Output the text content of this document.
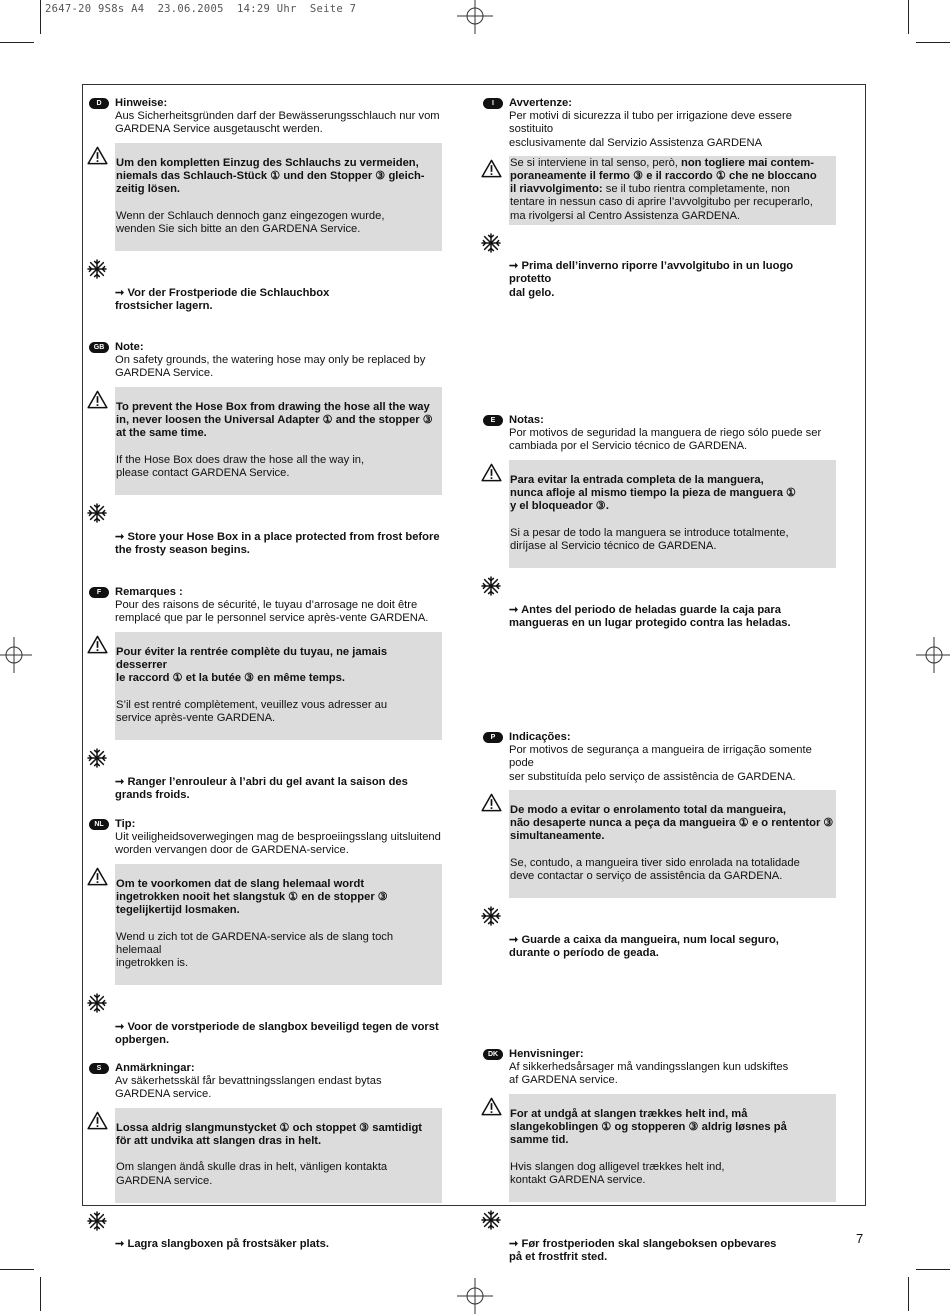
2647-20 9S8s A4  23.06.2005  14:29 Uhr  Seite 7
D	Hinweise:
Aus Sicherheitsgründen darf der Bewässerungsschlauch nur vom
GARDENA Service ausgetauscht werden.

Um den kompletten Einzug des Schlauchs zu vermeiden,
niemals das Schlauch-Stück ① und den Stopper ③ gleich-
zeitig lösen.

Wenn der Schlauch dennoch ganz eingezogen wurde,
wenden Sie sich bitte an den GARDENA Service.

➞ Vor der Frostperiode die Schlauchbox
frostsicher lagern.

GB Note:
On safety grounds, the watering hose may only be replaced by
GARDENA Service.

To prevent the Hose Box from drawing the hose all the way
in, never loosen the Universal Adapter ① and the stopper ③
at the same time.

If the Hose Box does draw the hose all the way in,
please contact GARDENA Service.

➞ Store your Hose Box in a place protected from frost before
the frosty season begins.

F	Remarques :
Pour des raisons de sécurité, le tuyau d’arrosage ne doit être
remplacé que par le personnel service après-vente GARDENA.

Pour éviter la rentrée complète du tuyau, ne jamais desserrer
le raccord ① et la butée ③ en même temps.

S’il est rentré complètement, veuillez vous adresser au
service après-vente GARDENA.

➞ Ranger l’enrouleur à l’abri du gel avant la saison des
grands froids.

NL	Tip:
Uit veiligheidsoverwegingen mag de besproeiingsslang uitsluitend
worden vervangen door de GARDENA-service.

Om te voorkomen dat de slang helemaal wordt
ingetrokken nooit het slangstuk ① en de stopper ③
tegelijkertijd losmaken.

Wend u zich tot de GARDENA-service als de slang toch helemaal
ingetrokken is.

➞ Voor de vorstperiode de slangbox beveiligd tegen de vorst
opbergen.

S	Anmärkningar:
Av säkerhetsskäl får bevattningsslangen endast bytas
GARDENA service.

Lossa aldrig slangmunstycket ① och stoppet ③ samtidigt
för att undvika att slangen dras in helt.

Om slangen ändå skulle dras in helt, vänligen kontakta
GARDENA service.

➞ Lagra slangboxen på frostsäker plats.

I	Avvertenze:
Per motivi di sicurezza il tubo per irrigazione deve essere sostituito
esclusivamente dal Servizio Assistenza GARDENA
Se si interviene in tal senso, però, non togliere mai contem-
poraneamente il fermo ③ e il raccordo ① che ne bloccano
il riavvolgimento: se il tubo rientra completamente, non
tentare in nessun caso di aprire l’avvolgitubo per recuperarlo,
ma rivolgersi al Centro Assistenza GARDENA.

➞ Prima dell’inverno riporre l’avvolgitubo in un luogo protetto
dal gelo.

E	Notas:
Por motivos de seguridad la manguera de riego sólo puede ser
cambiada por el Servicio técnico de GARDENA.

Para evitar la entrada completa de la manguera,
nunca afloje al mismo tiempo la pieza de manguera ①
y el bloqueador ③.

Si a pesar de todo la manguera se introduce totalmente,
diríjase al Servicio técnico de GARDENA.

➞ Antes del periodo de heladas guarde la caja para
mangueras en un lugar protegido contra las heladas.

P	Indicações:
Por motivos de segurança a mangueira de irrigação somente pode
ser substituída pelo serviço de assistência de GARDENA.

De modo a evitar o enrolamento total da mangueira,
não desaperte nunca a peça da mangueira ① e o rententor ③
simultaneamente.

Se, contudo, a mangueira tiver sido enrolada na totalidade
deve contactar o serviço de assistência da GARDENA.

➞ Guarde a caixa da mangueira, num local seguro,
durante o período de geada.

DK Henvisninger:
Af sikkerhedsårsager må vandingsslangen kun udskiftes
af GARDENA service.

For at undgå at slangen trækkes helt ind, må
slangekoblingen ① og stopperen ③ aldrig løsnes på
samme tid.

Hvis slangen dog alligevel trækkes helt ind,
kontakt GARDENA service.

➞ Før frostperioden skal slangeboksen opbevares
på et frostfrit sted.

7
